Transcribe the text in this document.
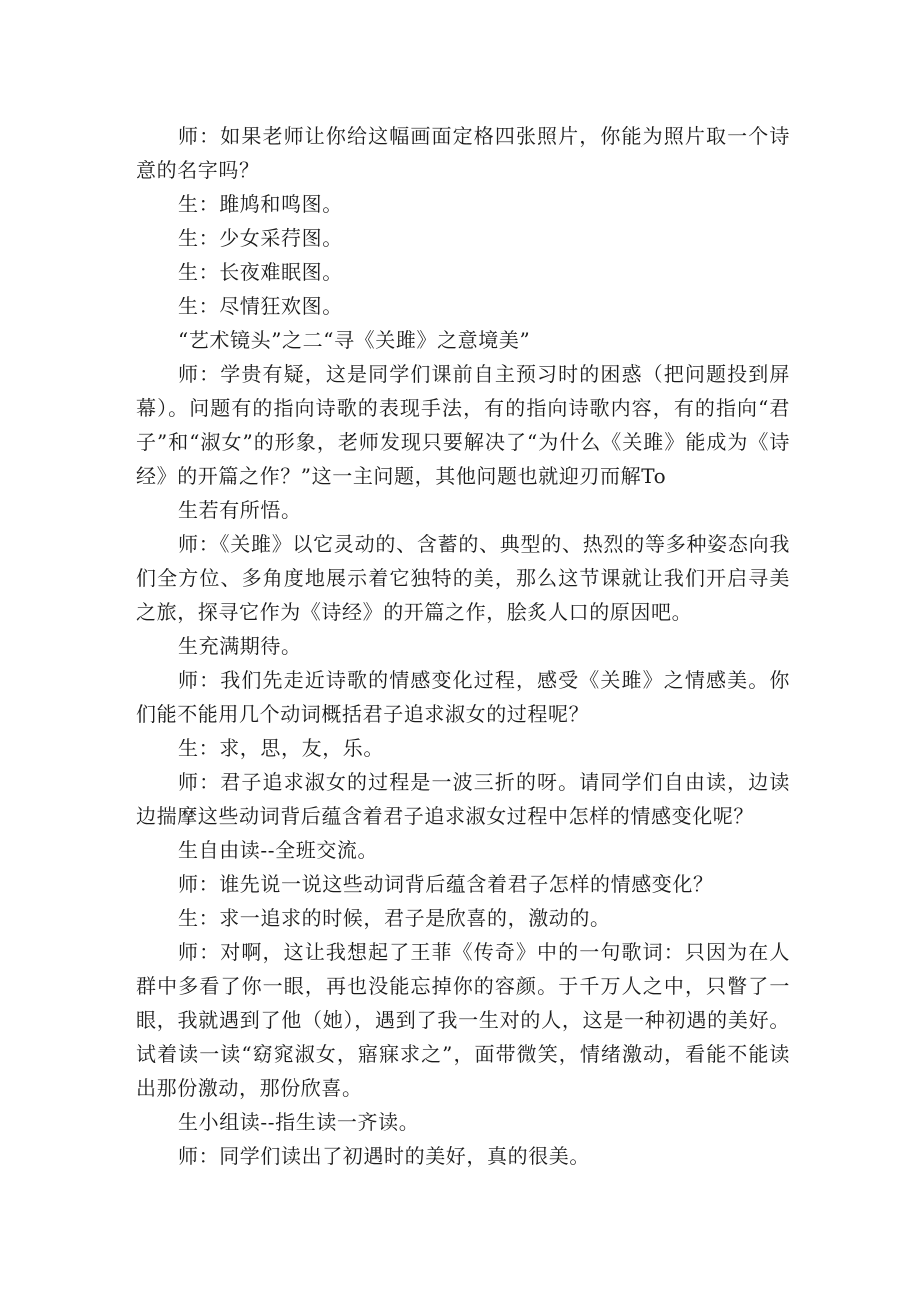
师：如果老师让你给这幅画面定格四张照片，你能为照片取一个诗意的名字吗？

生：雎鸠和鸣图。

生：少女采荇图。

生：长夜难眠图。

生：尽情狂欢图。

“艺术镜头”之二“寻《关雎》之意境美”

师：学贵有疑，这是同学们课前自主预习时的困惑（把问题投到屏幕）。问题有的指向诗歌的表现手法，有的指向诗歌内容，有的指向“君子”和“淑女”的形象，老师发现只要解决了“为什么《关雎》能成为《诗经》的开篇之作？”这一主问题，其他问题也就迎刃而解To

生若有所悟。

师：《关雎》以它灵动的、含蓄的、典型的、热烈的等多种姿态向我们全方位、多角度地展示着它独特的美，那么这节课就让我们开启寻美之旅，探寻它作为《诗经》的开篇之作，脍炙人口的原因吧。

生充满期待。

师：我们先走近诗歌的情感变化过程，感受《关雎》之情感美。你们能不能用几个动词概括君子追求淑女的过程呢？

生：求，思，友，乐。

师：君子追求淑女的过程是一波三折的呀。请同学们自由读，边读边揣摩这些动词背后蕴含着君子追求淑女过程中怎样的情感变化呢？

生自由读--全班交流。

师：谁先说一说这些动词背后蕴含着君子怎样的情感变化？

生：求一追求的时候，君子是欣喜的，激动的。

师：对啊，这让我想起了王菲《传奇》中的一句歌词：只因为在人群中多看了你一眼，再也没能忘掉你的容颜。于千万人之中，只瞥了一眼，我就遇到了他（她），遇到了我一生对的人，这是一种初遇的美好。试着读一读“窈窕淑女，寤寐求之”，面带微笑，情绪激动，看能不能读出那份激动，那份欣喜。

生小组读--指生读一齐读。

师：同学们读出了初遇时的美好，真的很美。
